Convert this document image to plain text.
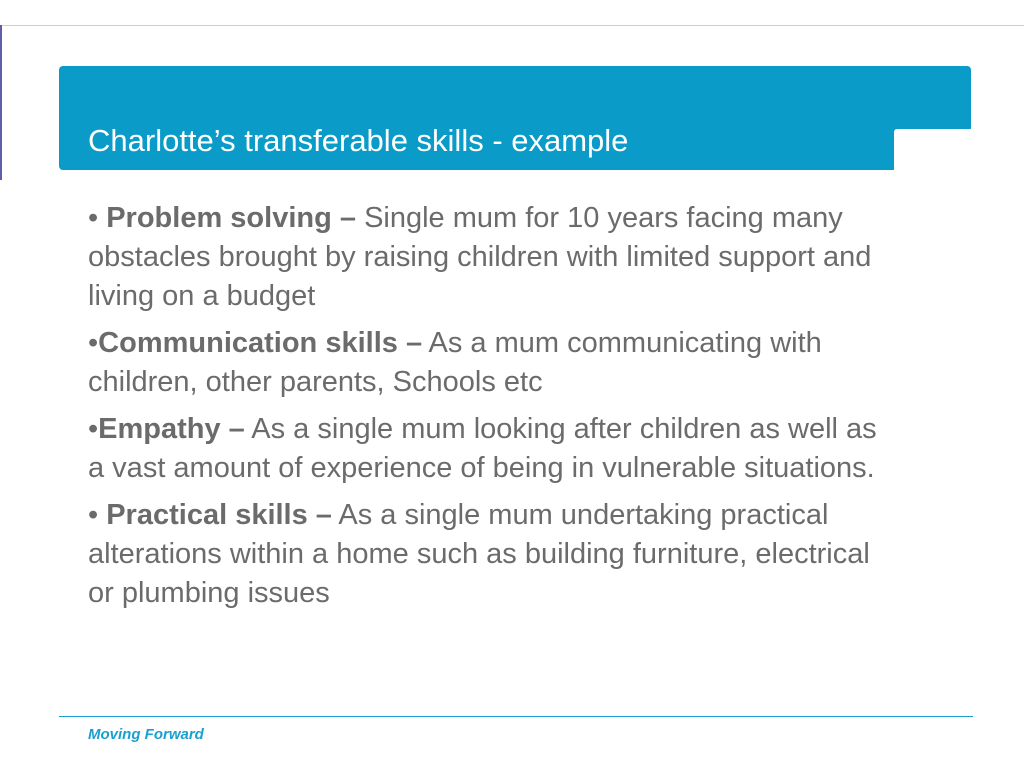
Charlotte’s transferable skills - example
• Problem solving – Single mum for 10 years facing many obstacles brought by raising children with limited support and living on a budget
•Communication skills – As a mum communicating with children, other parents, Schools etc
•Empathy – As a single mum looking after children as well as a vast amount of experience of being in vulnerable situations.
• Practical skills – As a single mum undertaking practical alterations within a home such as building furniture, electrical or plumbing issues
Moving Forward
